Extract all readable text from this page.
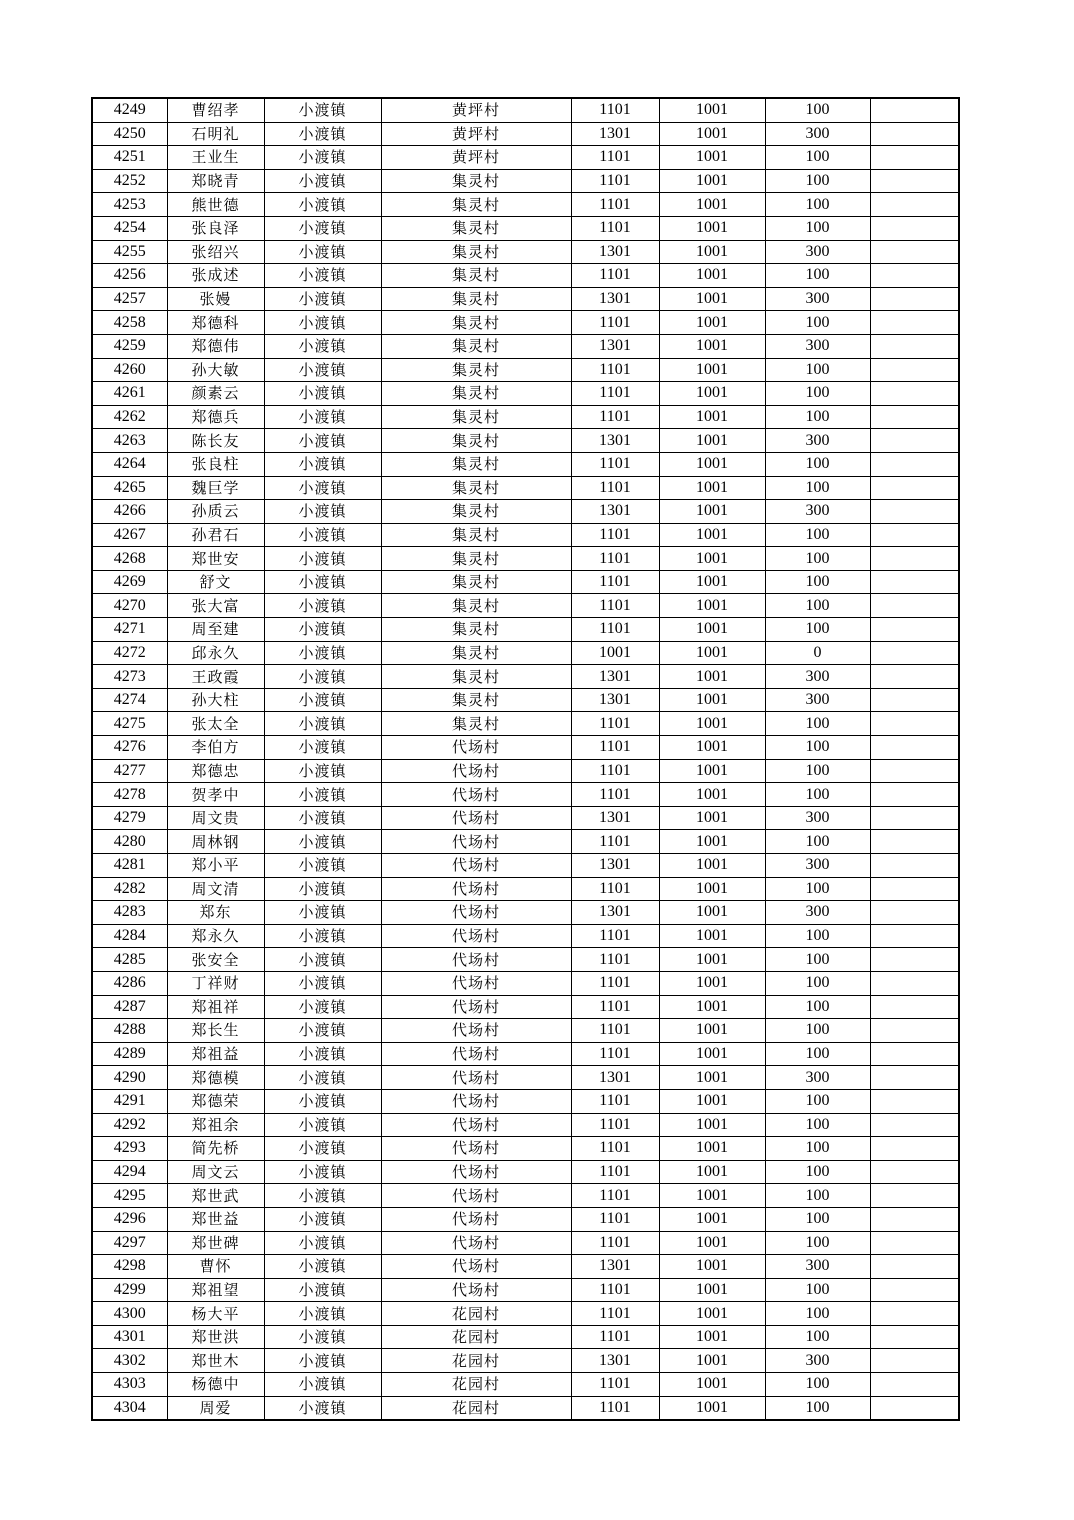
4249	曹绍孝	小渡镇	黄坪村	1101	1001	100	
4250	石明礼	小渡镇	黄坪村	1301	1001	300	
4251	王业生	小渡镇	黄坪村	1101	1001	100	
4252	郑晓青	小渡镇	集灵村	1101	1001	100	
4253	熊世德	小渡镇	集灵村	1101	1001	100	
4254	张良泽	小渡镇	集灵村	1101	1001	100	
4255	张绍兴	小渡镇	集灵村	1301	1001	300	
4256	张成述	小渡镇	集灵村	1101	1001	100	
4257	张嫚	小渡镇	集灵村	1301	1001	300	
4258	郑德科	小渡镇	集灵村	1101	1001	100	
4259	郑德伟	小渡镇	集灵村	1301	1001	300	
4260	孙大敏	小渡镇	集灵村	1101	1001	100	
4261	颜素云	小渡镇	集灵村	1101	1001	100	
4262	郑德兵	小渡镇	集灵村	1101	1001	100	
4263	陈长友	小渡镇	集灵村	1301	1001	300	
4264	张良柱	小渡镇	集灵村	1101	1001	100	
4265	魏巨学	小渡镇	集灵村	1101	1001	100	
4266	孙质云	小渡镇	集灵村	1301	1001	300	
4267	孙君石	小渡镇	集灵村	1101	1001	100	
4268	郑世安	小渡镇	集灵村	1101	1001	100	
4269	舒文	小渡镇	集灵村	1101	1001	100	
4270	张大富	小渡镇	集灵村	1101	1001	100	
4271	周至建	小渡镇	集灵村	1101	1001	100	
4272	邱永久	小渡镇	集灵村	1001	1001	0	
4273	王政霞	小渡镇	集灵村	1301	1001	300	
4274	孙大柱	小渡镇	集灵村	1301	1001	300	
4275	张太全	小渡镇	集灵村	1101	1001	100	
4276	李伯方	小渡镇	代场村	1101	1001	100	
4277	郑德忠	小渡镇	代场村	1101	1001	100	
4278	贺孝中	小渡镇	代场村	1101	1001	100	
4279	周文贵	小渡镇	代场村	1301	1001	300	
4280	周林钢	小渡镇	代场村	1101	1001	100	
4281	郑小平	小渡镇	代场村	1301	1001	300	
4282	周文清	小渡镇	代场村	1101	1001	100	
4283	郑东	小渡镇	代场村	1301	1001	300	
4284	郑永久	小渡镇	代场村	1101	1001	100	
4285	张安全	小渡镇	代场村	1101	1001	100	
4286	丁祥财	小渡镇	代场村	1101	1001	100	
4287	郑祖祥	小渡镇	代场村	1101	1001	100	
4288	郑长生	小渡镇	代场村	1101	1001	100	
4289	郑祖益	小渡镇	代场村	1101	1001	100	
4290	郑德模	小渡镇	代场村	1301	1001	300	
4291	郑德荣	小渡镇	代场村	1101	1001	100	
4292	郑祖余	小渡镇	代场村	1101	1001	100	
4293	简先桥	小渡镇	代场村	1101	1001	100	
4294	周文云	小渡镇	代场村	1101	1001	100	
4295	郑世武	小渡镇	代场村	1101	1001	100	
4296	郑世益	小渡镇	代场村	1101	1001	100	
4297	郑世碑	小渡镇	代场村	1101	1001	100	
4298	曹怀	小渡镇	代场村	1301	1001	300	
4299	郑祖望	小渡镇	代场村	1101	1001	100	
4300	杨大平	小渡镇	花园村	1101	1001	100	
4301	郑世洪	小渡镇	花园村	1101	1001	100	
4302	郑世木	小渡镇	花园村	1301	1001	300	
4303	杨德中	小渡镇	花园村	1101	1001	100	
4304	周爱	小渡镇	花园村	1101	1001	100	
